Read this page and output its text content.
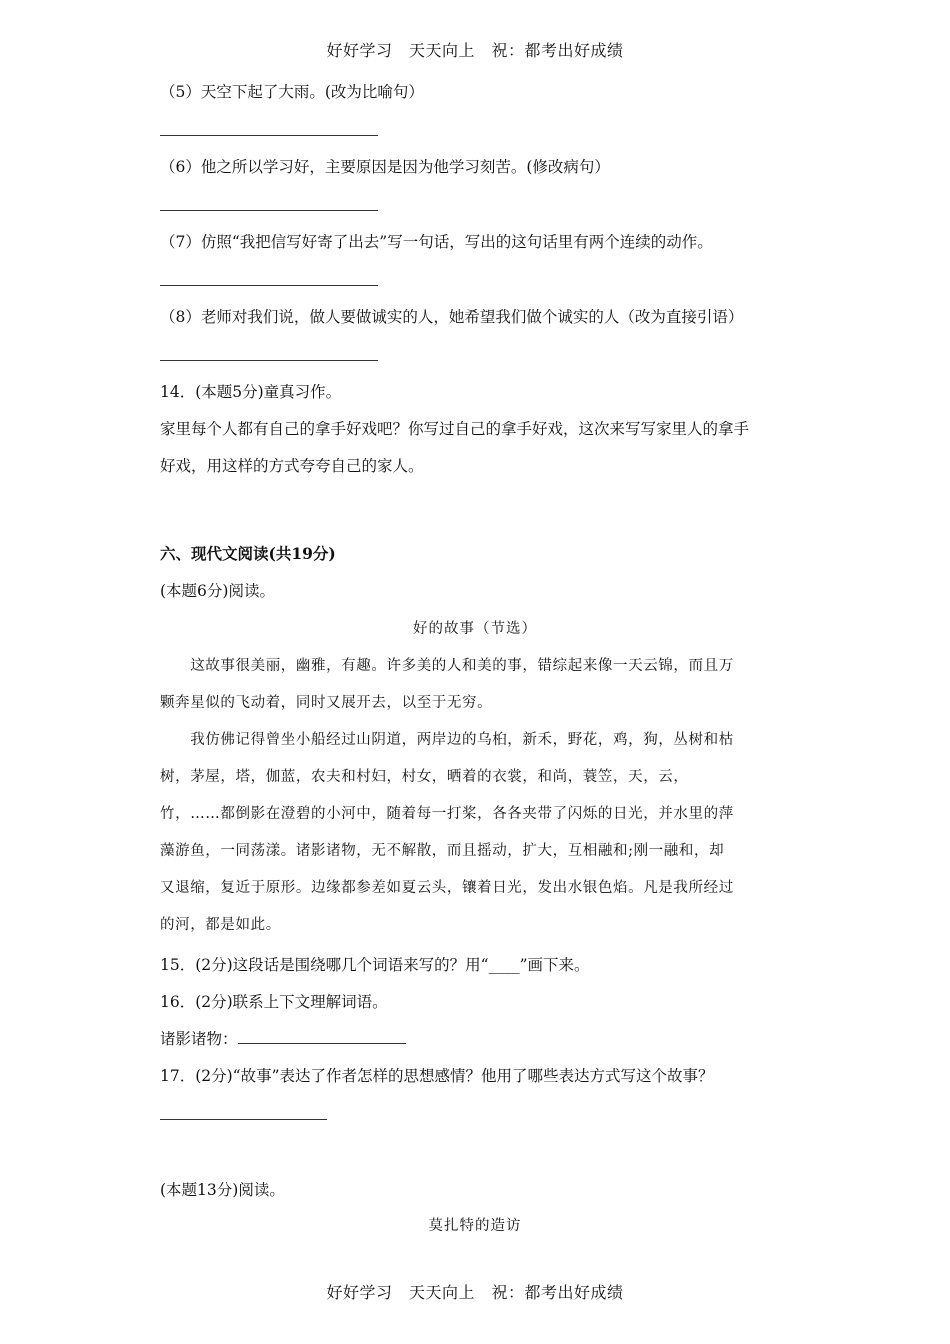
好好学习　天天向上　祝：都考出好成绩
（5）天空下起了大雨。(改为比喻句）
（6）他之所以学习好，主要原因是因为他学习刻苦。(修改病句）
（7）仿照“我把信写好寄了出去”写一句话，写出的这句话里有两个连续的动作。
（8）老师对我们说，做人要做诚实的人，她希望我们做个诚实的人（改为直接引语）
14．(本题5分)童真习作。
家里每个人都有自己的拿手好戏吧？你写过自己的拿手好戏，这次来写写家里人的拿手
好戏，用这样的方式夸夸自己的家人。
六、现代文阅读(共19分)
(本题6分)阅读。
好的故事（节选）
　　这故事很美丽，幽雅，有趣。许多美的人和美的事，错综起来像一天云锦，而且万
颗奔星似的飞动着，同时又展开去，以至于无穷。
　　我仿佛记得曾坐小船经过山阴道，两岸边的乌桕，新禾，野花，鸡，狗，丛树和枯
树，茅屋，塔，伽蓝，农夫和村妇，村女，晒着的衣裳，和尚，蓑笠，天，云，
竹，……都倒影在澄碧的小河中，随着每一打桨，各各夹带了闪烁的日光，并水里的萍
藻游鱼，一同荡漾。诸影诸物，无不解散，而且摇动，扩大，互相融和;刚一融和，却
又退缩，复近于原形。边缘都参差如夏云头，镶着日光，发出水银色焰。凡是我所经过
的河，都是如此。
15．(2分)这段话是围绕哪几个词语来写的？用“____”画下来。
16．(2分)联系上下文理解词语。
诸影诸物：
17．(2分)“故事”表达了作者怎样的思想感情？他用了哪些表达方式写这个故事？
(本题13分)阅读。
莫扎特的造访
好好学习　天天向上　祝：都考出好成绩
